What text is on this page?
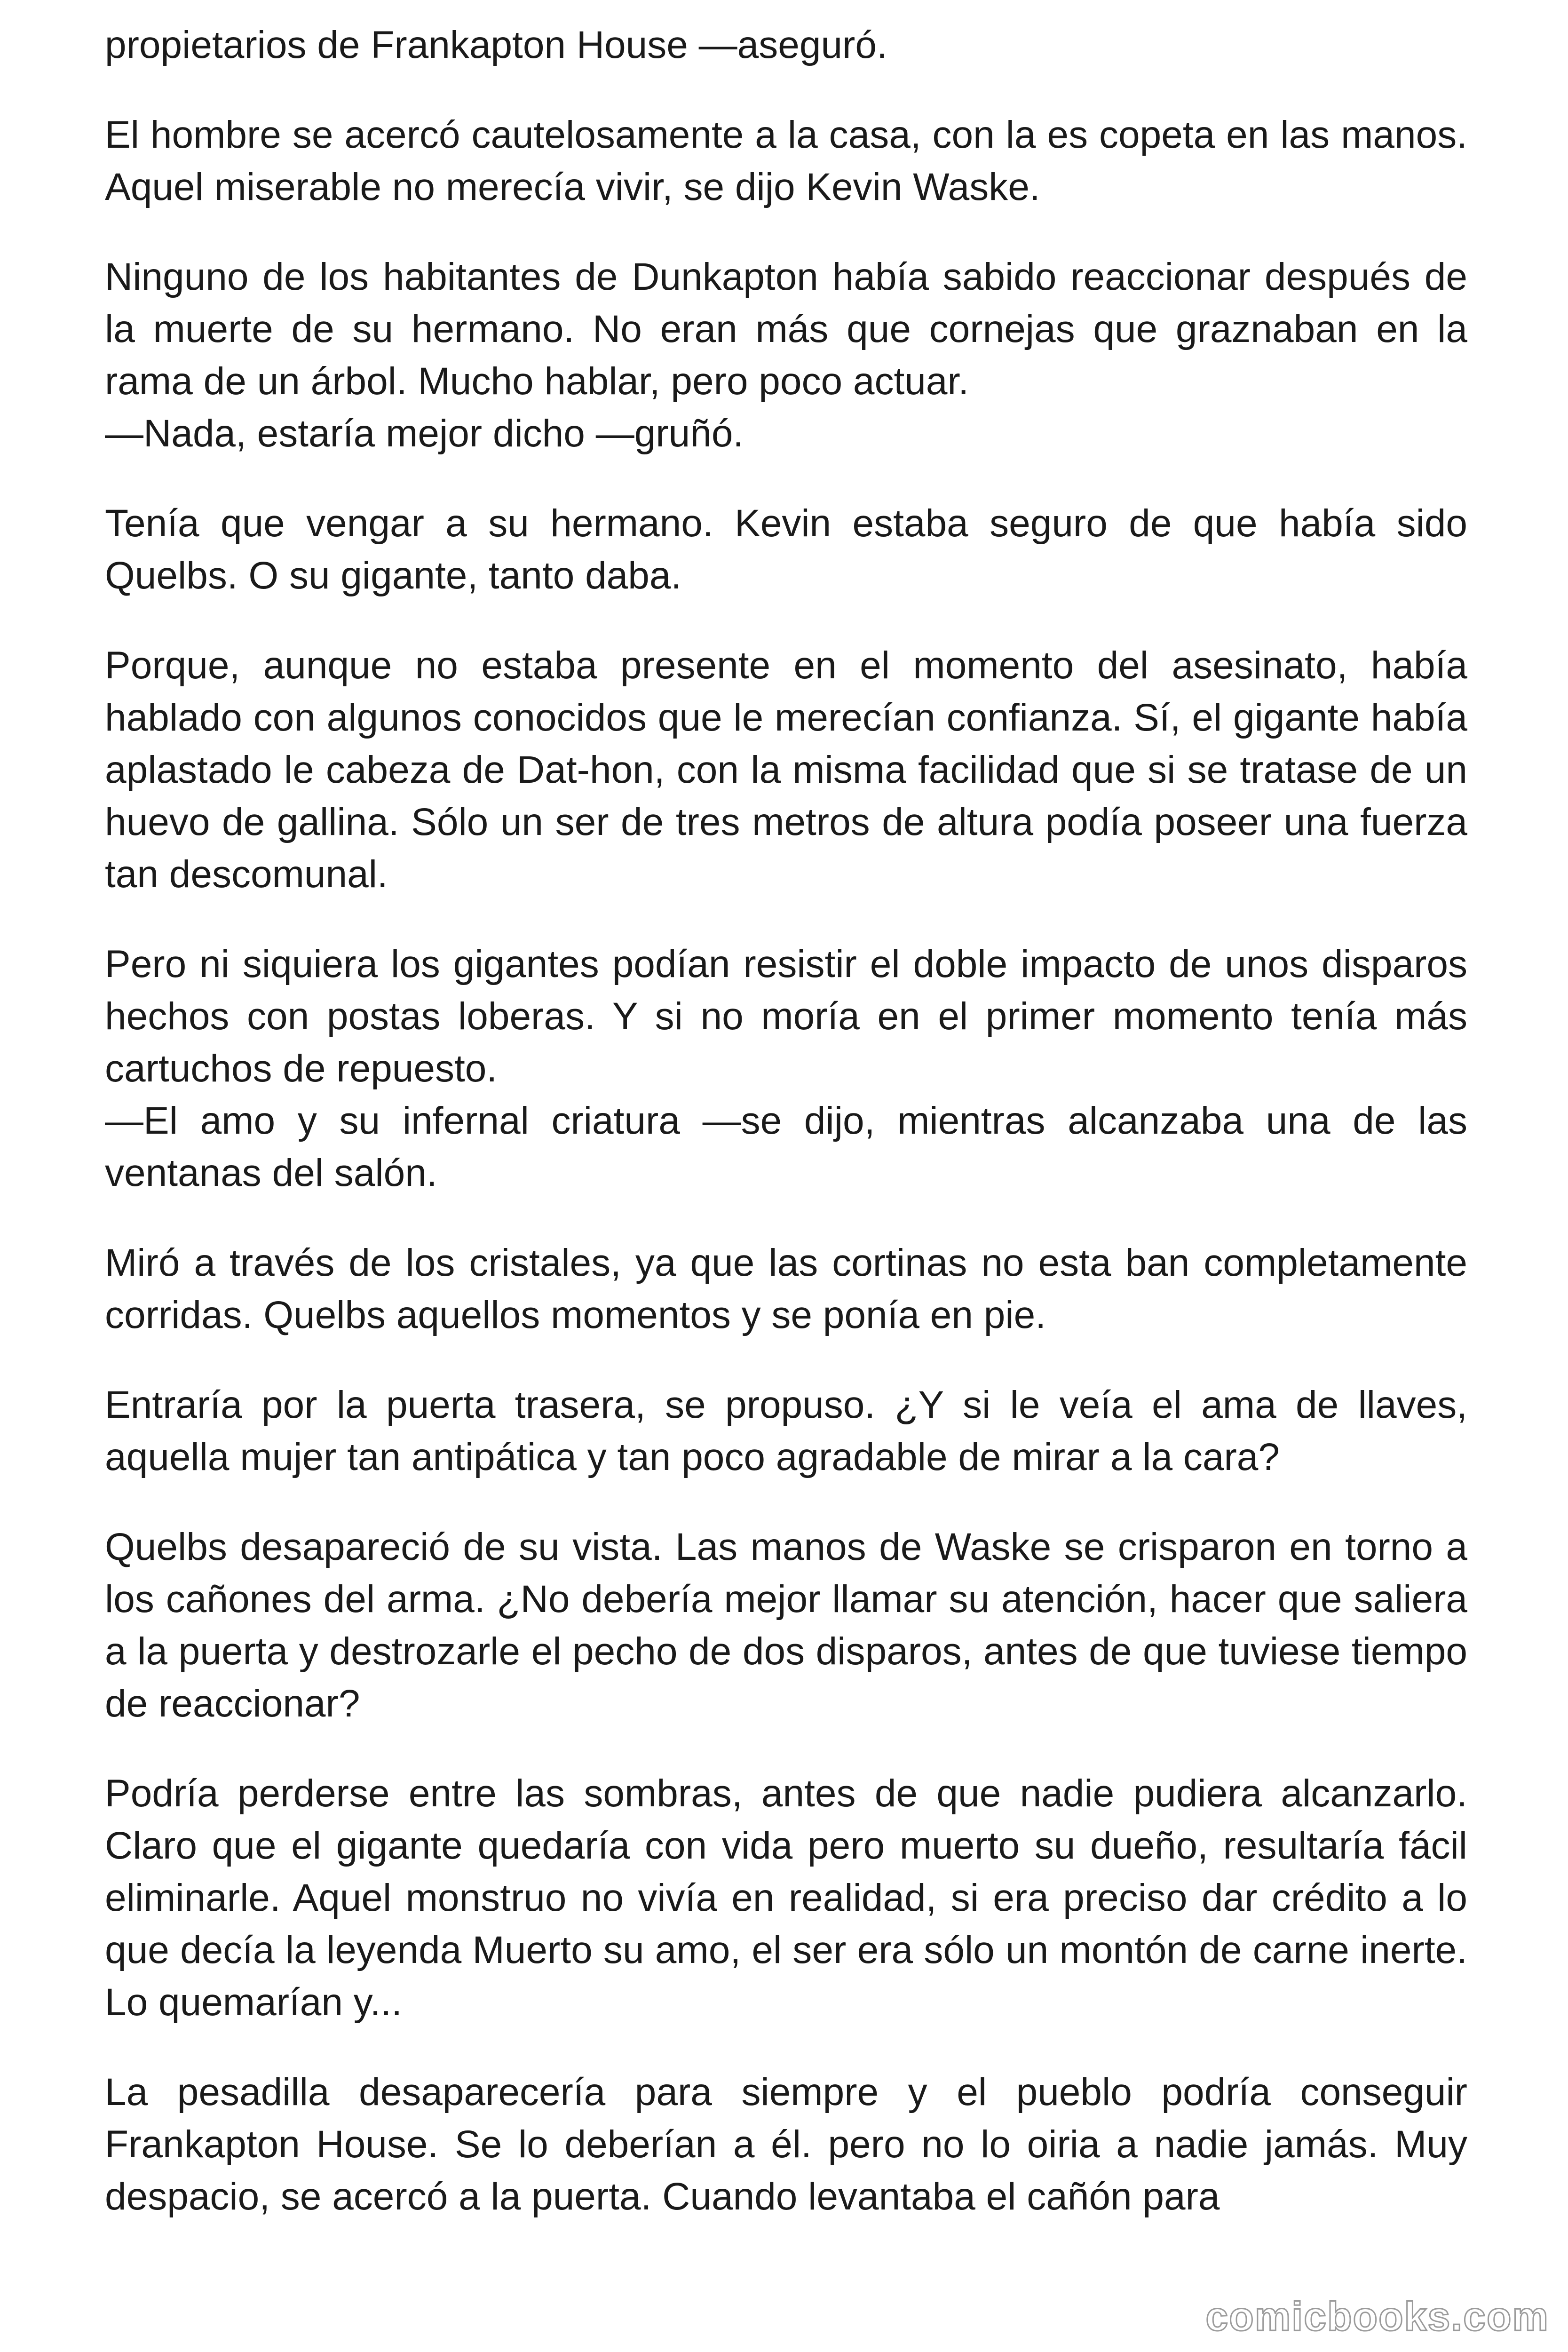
propietarios de Frankapton House —aseguró.

El hombre se acercó cautelosamente a la casa, con la es copeta en las manos. Aquel miserable no merecía vivir, se dijo Kevin Waske.

Ninguno de los habitantes de Dunkapton había sabido reaccionar después de la muerte de su hermano. No eran más que cornejas que graznaban en la rama de un árbol. Mucho hablar, pero poco actuar.
—Nada, estaría mejor dicho —gruñó.

Tenía que vengar a su hermano. Kevin estaba seguro de que había sido Quelbs. O su gigante, tanto daba.

Porque, aunque no estaba presente en el momento del asesinato, había hablado con algunos conocidos que le merecían confianza. Sí, el gigante había aplastado le cabeza de Dat-hon, con la misma facilidad que si se tratase de un huevo de gallina. Sólo un ser de tres metros de altura podía poseer una fuerza tan descomunal.

Pero ni siquiera los gigantes podían resistir el doble impacto de unos disparos hechos con postas loberas. Y si no moría en el primer momento tenía más cartuchos de repuesto.
—El amo y su infernal criatura —se dijo, mientras alcanzaba una de las ventanas del salón.

Miró a través de los cristales, ya que las cortinas no esta ban completamente corridas. Quelbs aquellos momentos y se ponía en pie.

Entraría por la puerta trasera, se propuso. ¿Y si le veía el ama de llaves, aquella mujer tan antipática y tan poco agradable de mirar a la cara?

Quelbs desapareció de su vista. Las manos de Waske se crisparon en torno a los cañones del arma. ¿No debería mejor llamar su atención, hacer que saliera a la puerta y destrozarle el pecho de dos disparos, antes de que tuviese tiempo de reaccionar?

Podría perderse entre las sombras, antes de que nadie pudiera alcanzarlo. Claro que el gigante quedaría con vida pero muerto su dueño, resultaría fácil eliminarle. Aquel monstruo no vivía en realidad, si era preciso dar crédito a lo que decía la leyenda Muerto su amo, el ser era sólo un montón de carne inerte. Lo quemarían y...

La pesadilla desaparecería para siempre y el pueblo podría conseguir Frankapton House. Se lo deberían a él. pero no lo oiria a nadie jamás. Muy despacio, se acercó a la puerta. Cuando levantaba el cañón para

comicbooks.com
